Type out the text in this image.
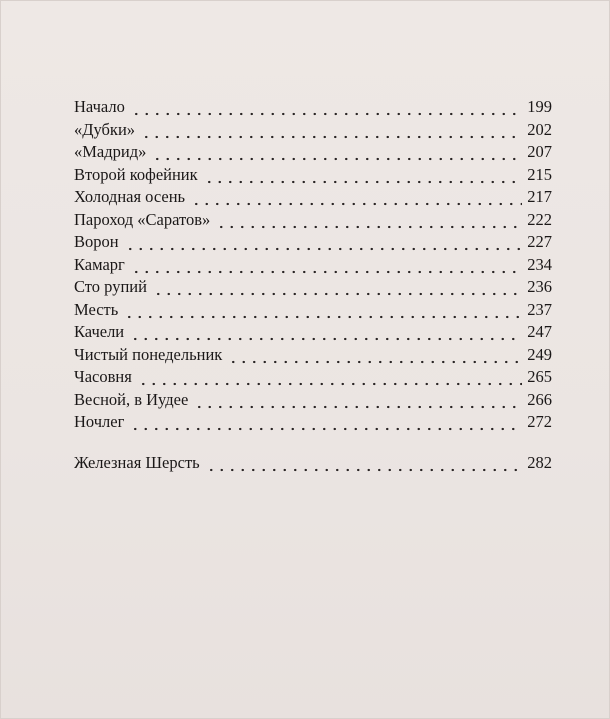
Начало	199
«Дубки»	202
«Мадрид»	207
Второй кофейник	215
Холодная осень	217
Пароход «Саратов»	222
Ворон	227
Камарг	234
Сто рупий	236
Месть	237
Качели	247
Чистый понедельник	249
Часовня	265
Весной, в Иудее	266
Ночлег	272
Железная Шерсть	282
